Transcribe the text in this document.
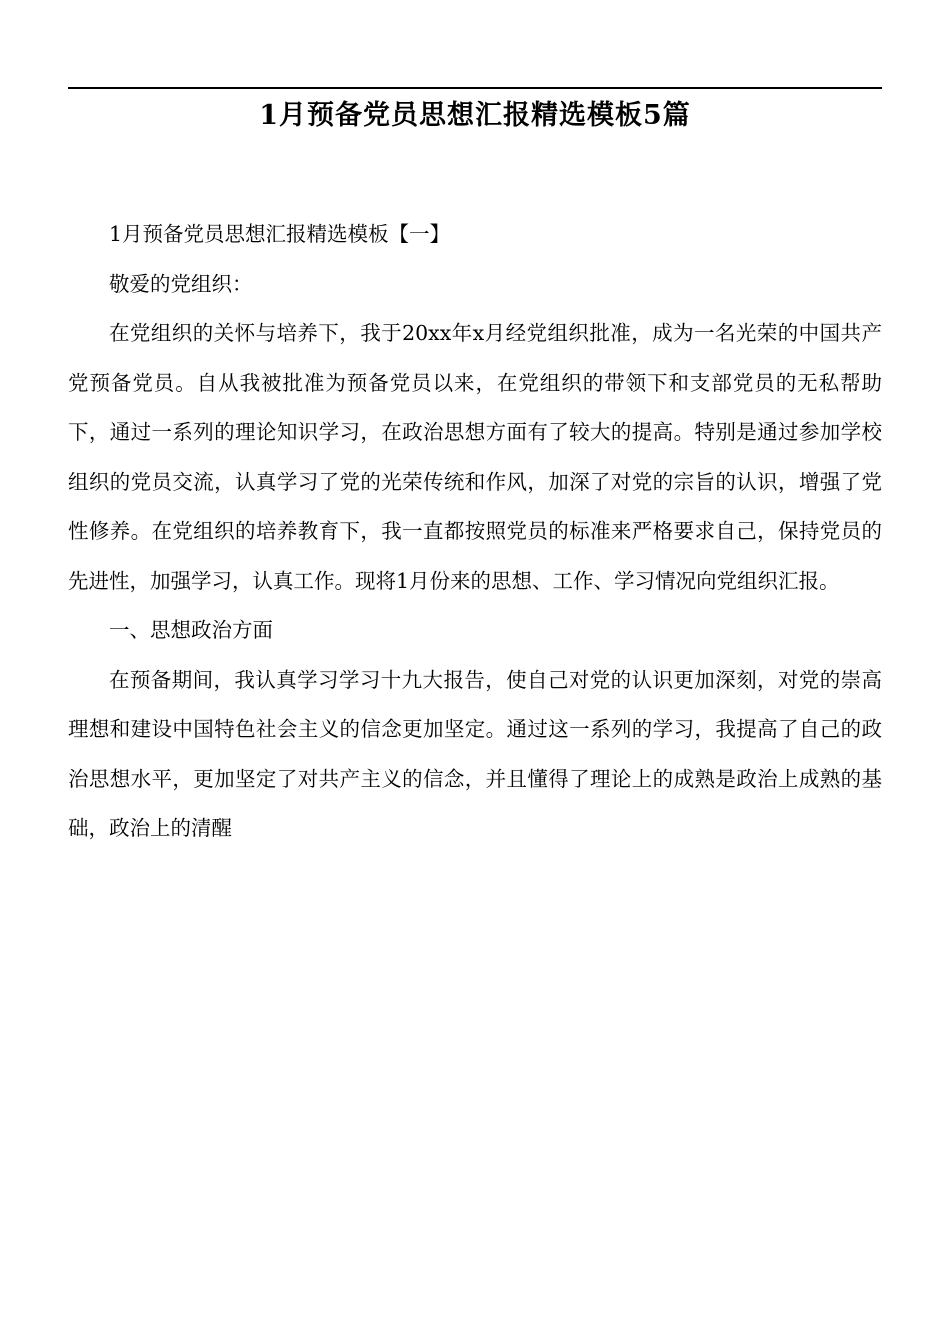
1月预备党员思想汇报精选模板5篇

1月预备党员思想汇报精选模板【一】

敬爱的党组织：

在党组织的关怀与培养下，我于20xx年x月经党组织批准，成为一名光荣的中国共产党预备党员。自从我被批准为预备党员以来，在党组织的带领下和支部党员的无私帮助下，通过一系列的理论知识学习，在政治思想方面有了较大的提高。特别是通过参加学校组织的党员交流，认真学习了党的光荣传统和作风，加深了对党的宗旨的认识，增强了党性修养。在党组织的培养教育下，我一直都按照党员的标准来严格要求自己，保持党员的先进性，加强学习，认真工作。现将1月份来的思想、工作、学习情况向党组织汇报。

一、思想政治方面

在预备期间，我认真学习学习十九大报告，使自己对党的认识更加深刻，对党的崇高理想和建设中国特色社会主义的信念更加坚定。通过这一系列的学习，我提高了自己的政治思想水平，更加坚定了对共产主义的信念，并且懂得了理论上的成熟是政治上成熟的基础，政治上的清醒
